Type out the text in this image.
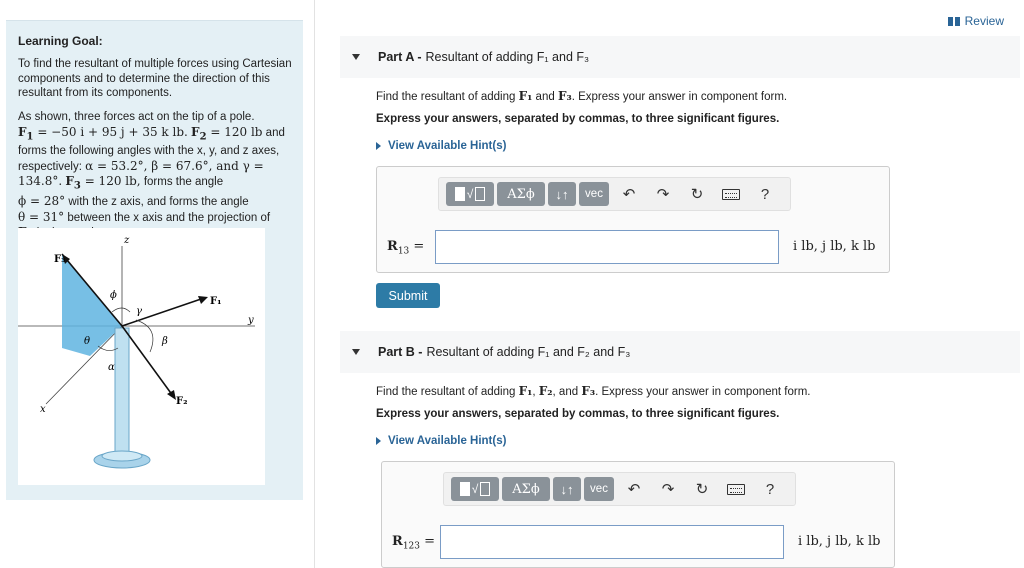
Learning Goal:
To find the resultant of multiple forces using Cartesian components and to determine the direction of this resultant from its components.
As shown, three forces act on the tip of a pole.
$F_1 = -50$ i + 95 j + 35 k lb. $F_2 = 120$ lb and forms the following angles with the x, y, and z axes, respectively: α = 53.2°, β = 67.6°, and γ = 134.8°. $F_3 = 120$ lb, forms the angle
ϕ = 28° with the z axis, and forms the angle
θ = 31° between the x axis and the projection of

z
y
x
F₃
F₁
F₂
ϕ
γ
β
θ
α
Review
Part A - Resultant of adding F₁ and F₃
Find the resultant of adding F₁ and F₃. Express your answer in component form.
Express your answers, separated by commas, to three significant figures.
View Available Hint(s)
√	ΑΣϕ	↓↑	vec	↶	↷	↻	?
$R_{13}$ =	i lb, j lb, k lb
Submit
Part B - Resultant of adding F₁ and F₂ and F₃
Find the resultant of adding F₁, F₂, and F₃. Express your answer in component form.
Express your answers, separated by commas, to three significant figures.
View Available Hint(s)
√	ΑΣϕ	↓↑	vec	↶	↷	↻	?
$R_{123}$ =	i lb, j lb, k lb
